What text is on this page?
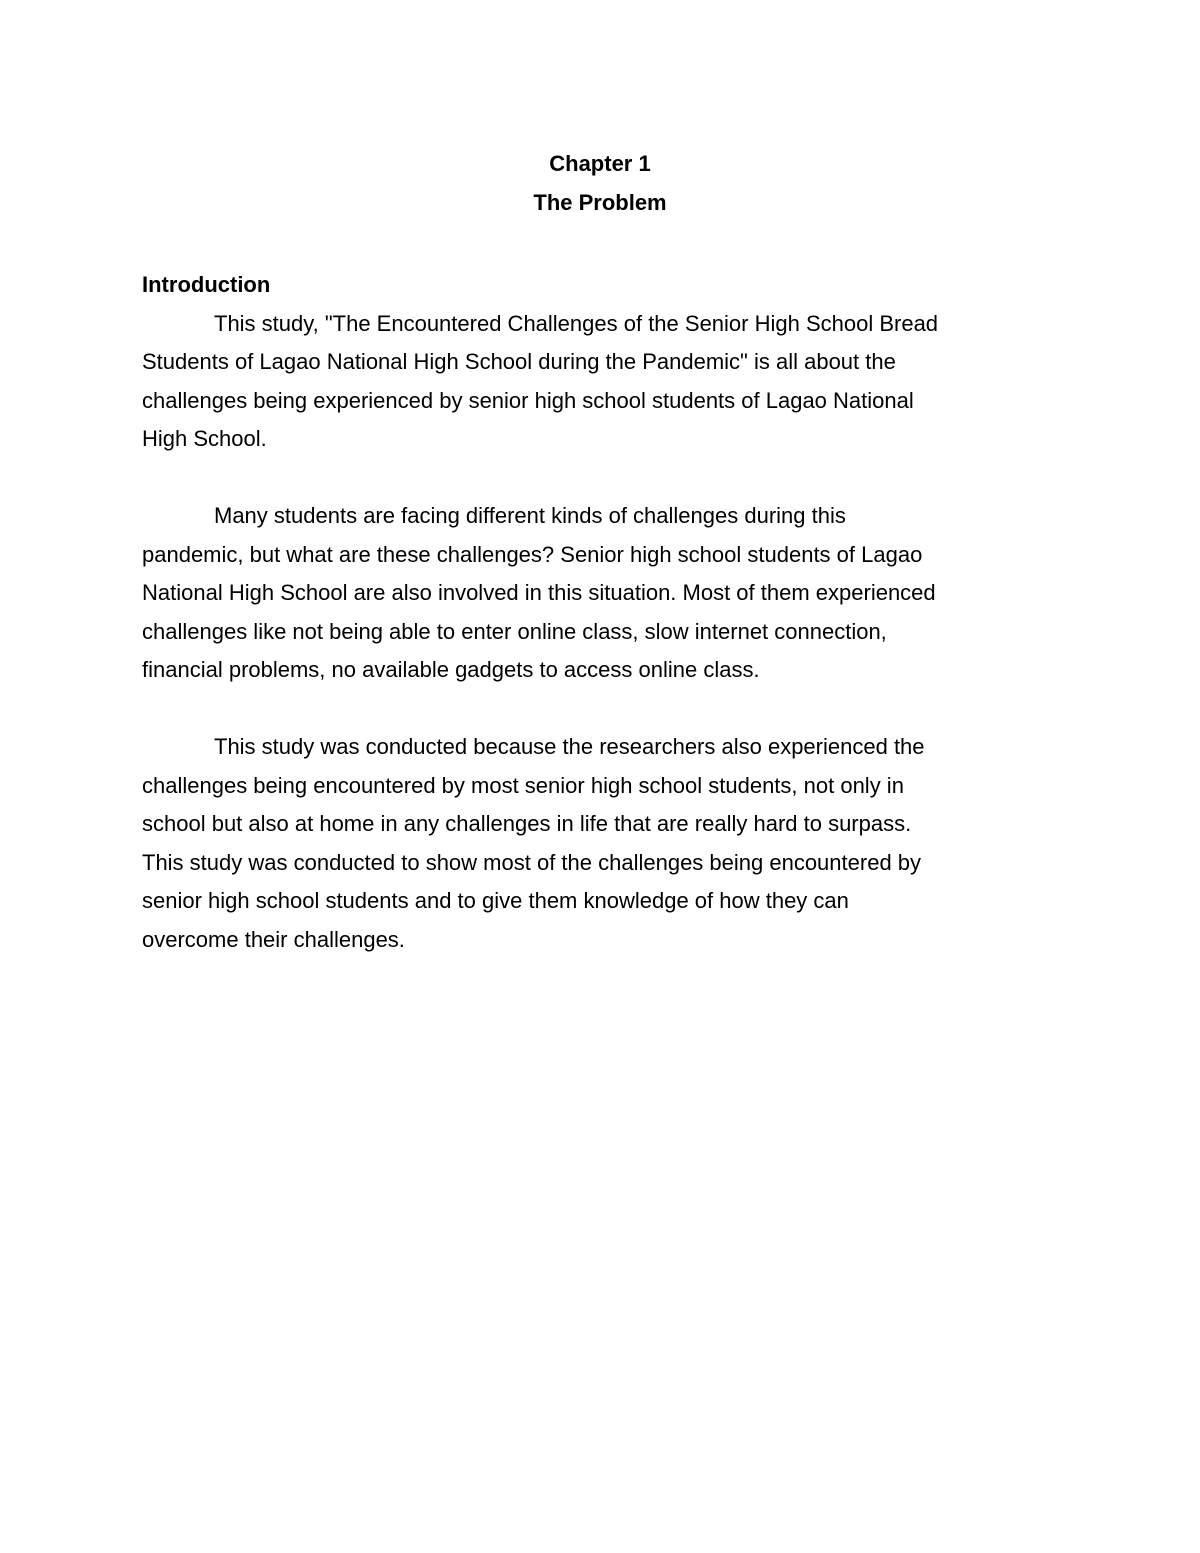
Chapter 1
The Problem
Introduction

This study, "The Encountered Challenges of the Senior High School Bread
Students of Lagao National High School during the Pandemic" is all about the
challenges being experienced by senior high school students of Lagao National
High School.

Many students are facing different kinds of challenges during this
pandemic, but what are these challenges? Senior high school students of Lagao
National High School are also involved in this situation. Most of them experienced
challenges like not being able to enter online class, slow internet connection,
financial problems, no available gadgets to access online class.

This study was conducted because the researchers also experienced the
challenges being encountered by most senior high school students, not only in
school but also at home in any challenges in life that are really hard to surpass.
This study was conducted to show most of the challenges being encountered by
senior high school students and to give them knowledge of how they can
overcome their challenges.
